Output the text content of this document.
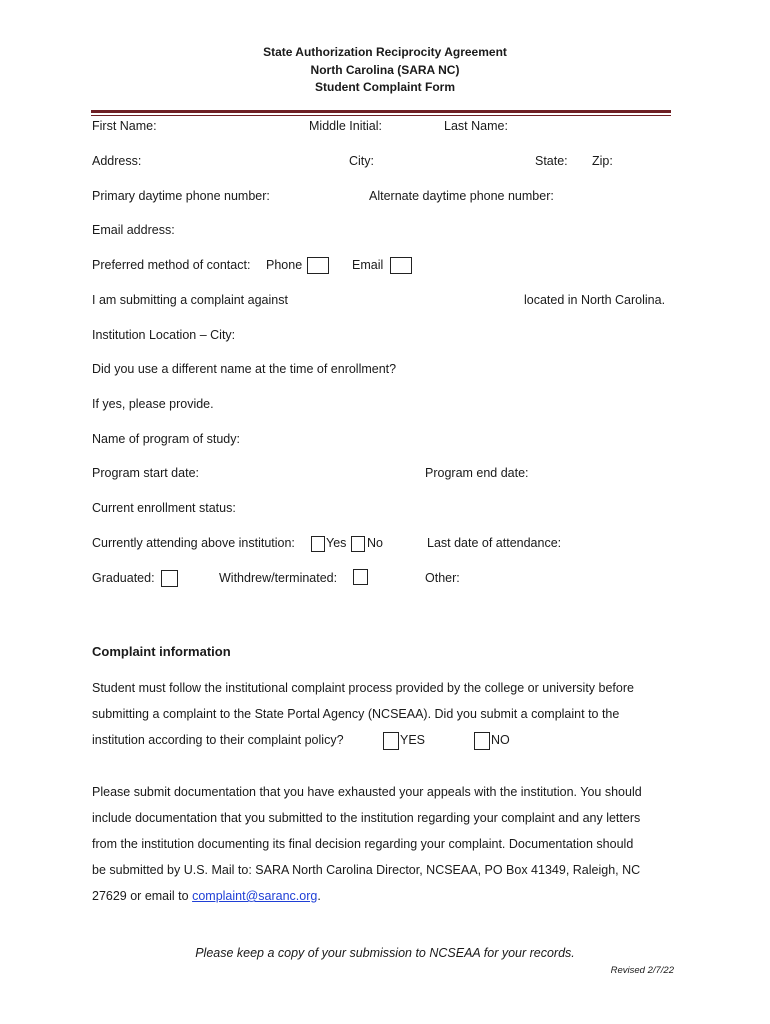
State Authorization Reciprocity Agreement
North Carolina (SARA NC)
Student Complaint Form
First Name:	Middle Initial:	Last Name:
Address:	City:	State: Zip:
Primary daytime phone number:	Alternate daytime phone number:
Email address:
Preferred method of contact: Phone	Email
I am submitting a complaint against	located in North Carolina.
Institution Location – City:
Did you use a different name at the time of enrollment?
If yes, please provide.
Name of program of study:
Program start date:	Program end date:
Current enrollment status:
Currently attending above institution: Yes No	Last date of attendance:
Graduated:	Withdrew/terminated:	Other:
Complaint information
Student must follow the institutional complaint process provided by the college or university before
submitting a complaint to the State Portal Agency (NCSEAA). Did you submit a complaint to the
institution according to their complaint policy?	YES	NO
Please submit documentation that you have exhausted your appeals with the institution. You should
include documentation that you submitted to the institution regarding your complaint and any letters
from the institution documenting its final decision regarding your complaint. Documentation should
be submitted by U.S. Mail to: SARA North Carolina Director, NCSEAA, PO Box 41349, Raleigh, NC
27629 or email to complaint@saranc.org.
Please keep a copy of your submission to NCSEAA for your records.
Revised 2/7/22
